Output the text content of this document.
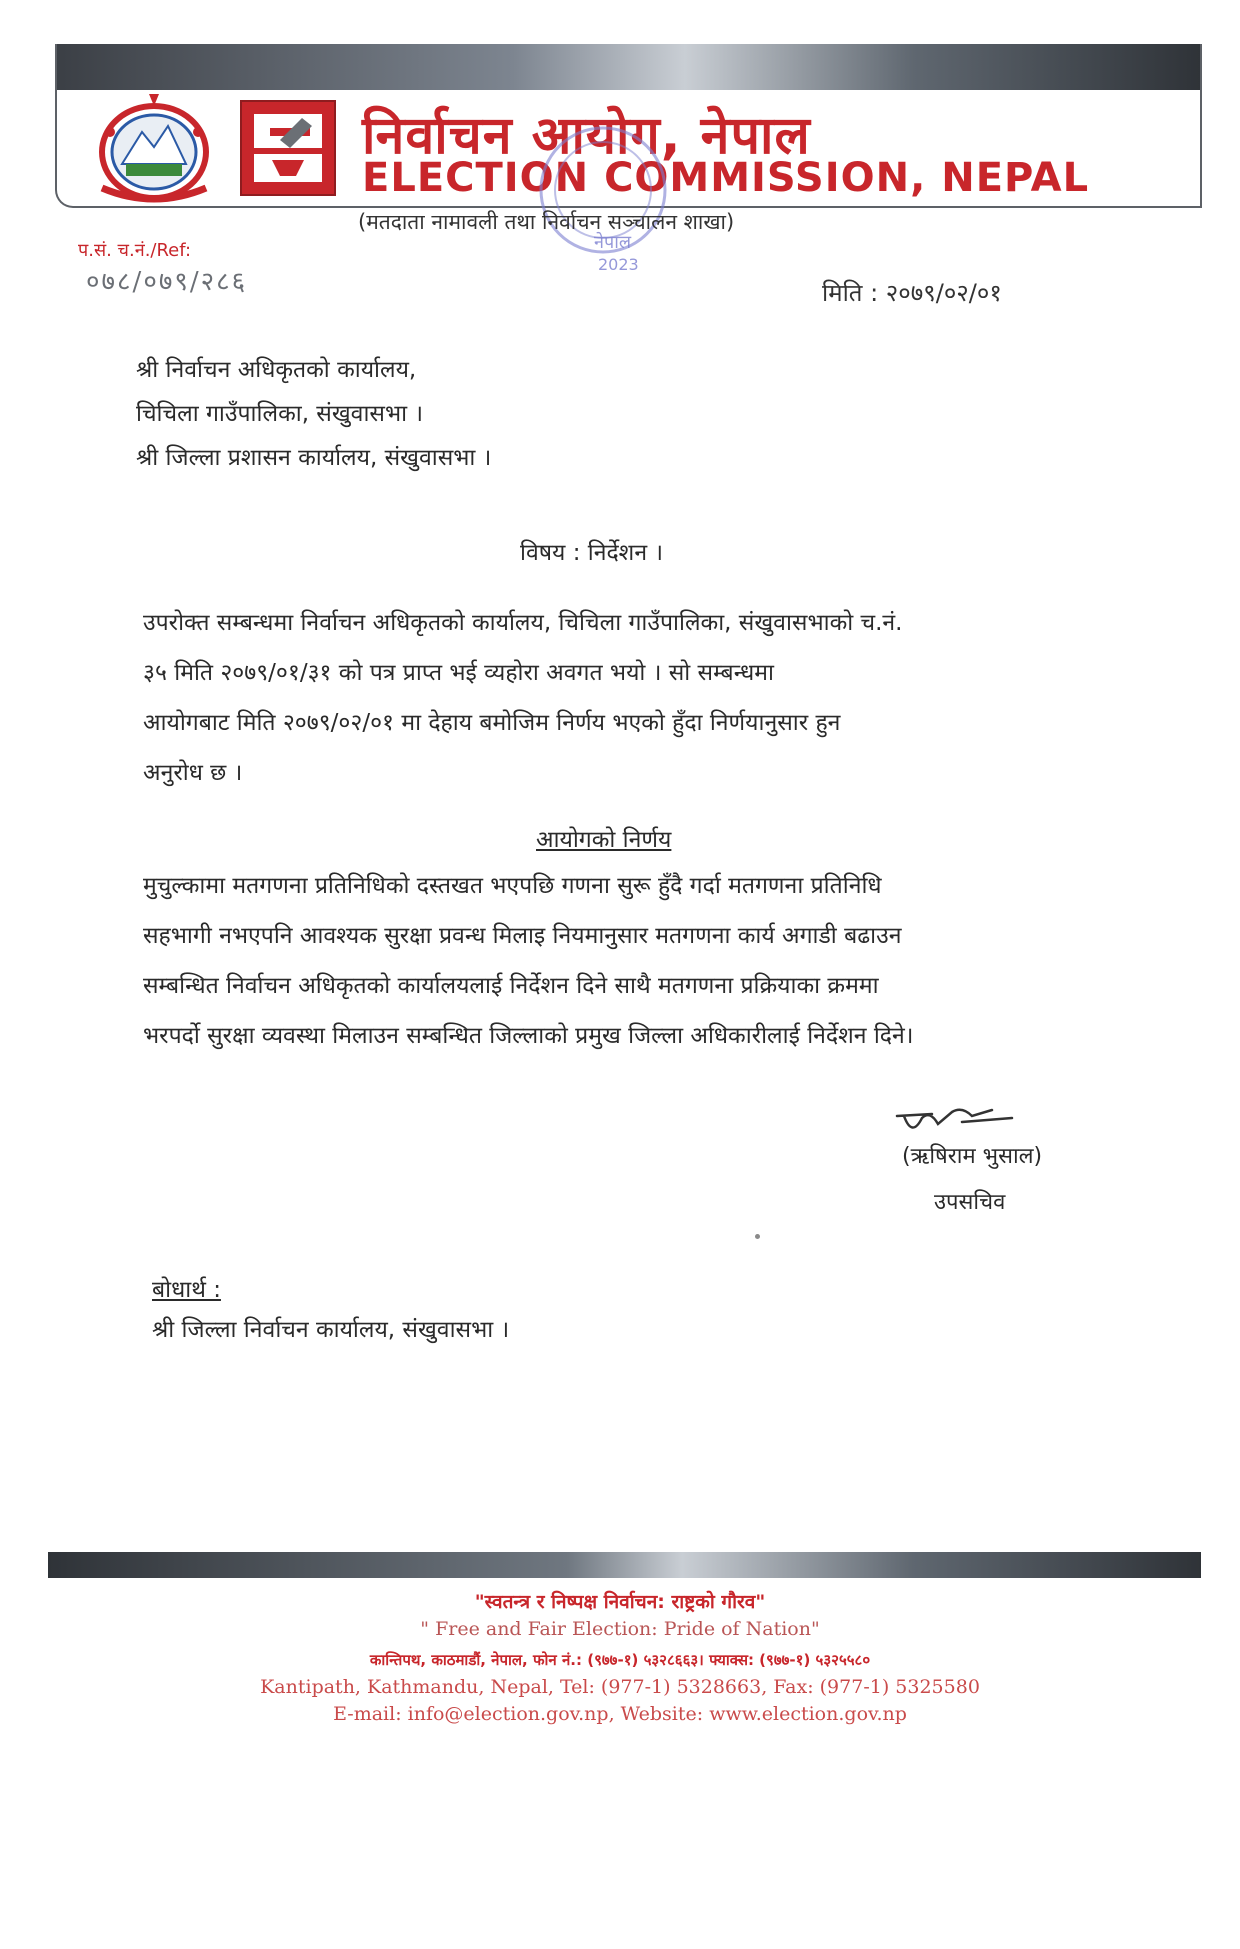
निर्वाचन आयोग, नेपाल
ELECTION COMMISSION, NEPAL
नेपाल
2023
(मतदाता नामावली तथा निर्वाचन सञ्चालन शाखा)
प.सं. च.नं./Ref:
०७८/०७९/२८६	मिति : २०७९/०२/०१
श्री निर्वाचन अधिकृतको कार्यालय,
चिचिला गाउँपालिका, संखुवासभा ।
श्री जिल्ला प्रशासन कार्यालय, संखुवासभा ।
विषय : निर्देशन ।
उपरोक्त सम्बन्धमा निर्वाचन अधिकृतको कार्यालय, चिचिला गाउँपालिका, संखुवासभाको च.नं.
३५ मिति २०७९/०१/३१ को पत्र प्राप्त भई व्यहोरा अवगत भयो । सो सम्बन्धमा
आयोगबाट मिति २०७९/०२/०१ मा देहाय बमोजिम निर्णय भएको हुँदा निर्णयानुसार हुन
अनुरोध छ ।
आयोगको निर्णय
मुचुल्कामा मतगणना प्रतिनिधिको दस्तखत भएपछि गणना सुरू हुँदै गर्दा मतगणना प्रतिनिधि
सहभागी नभएपनि आवश्यक सुरक्षा प्रवन्ध मिलाइ नियमानुसार मतगणना कार्य अगाडी बढाउन
सम्बन्धित निर्वाचन अधिकृतको कार्यालयलाई निर्देशन दिने साथै मतगणना प्रक्रियाका क्रममा
भरपर्दो सुरक्षा व्यवस्था मिलाउन सम्बन्धित जिल्लाको प्रमुख जिल्ला अधिकारीलाई निर्देशन दिने।
(ऋषिराम भुसाल)
उपसचिव
बोधार्थ :
श्री जिल्ला निर्वाचन कार्यालय, संखुवासभा ।
"स्वतन्त्र र निष्पक्ष निर्वाचन: राष्ट्रको गौरव"
" Free and Fair Election: Pride of Nation"
कान्तिपथ, काठमाडौं, नेपाल, फोन नं.: (९७७-१) ५३२८६६३। फ्याक्स: (९७७-१) ५३२५५८०
Kantipath, Kathmandu, Nepal, Tel: (977-1) 5328663, Fax: (977-1) 5325580
E-mail: info@election.gov.np, Website: www.election.gov.np
